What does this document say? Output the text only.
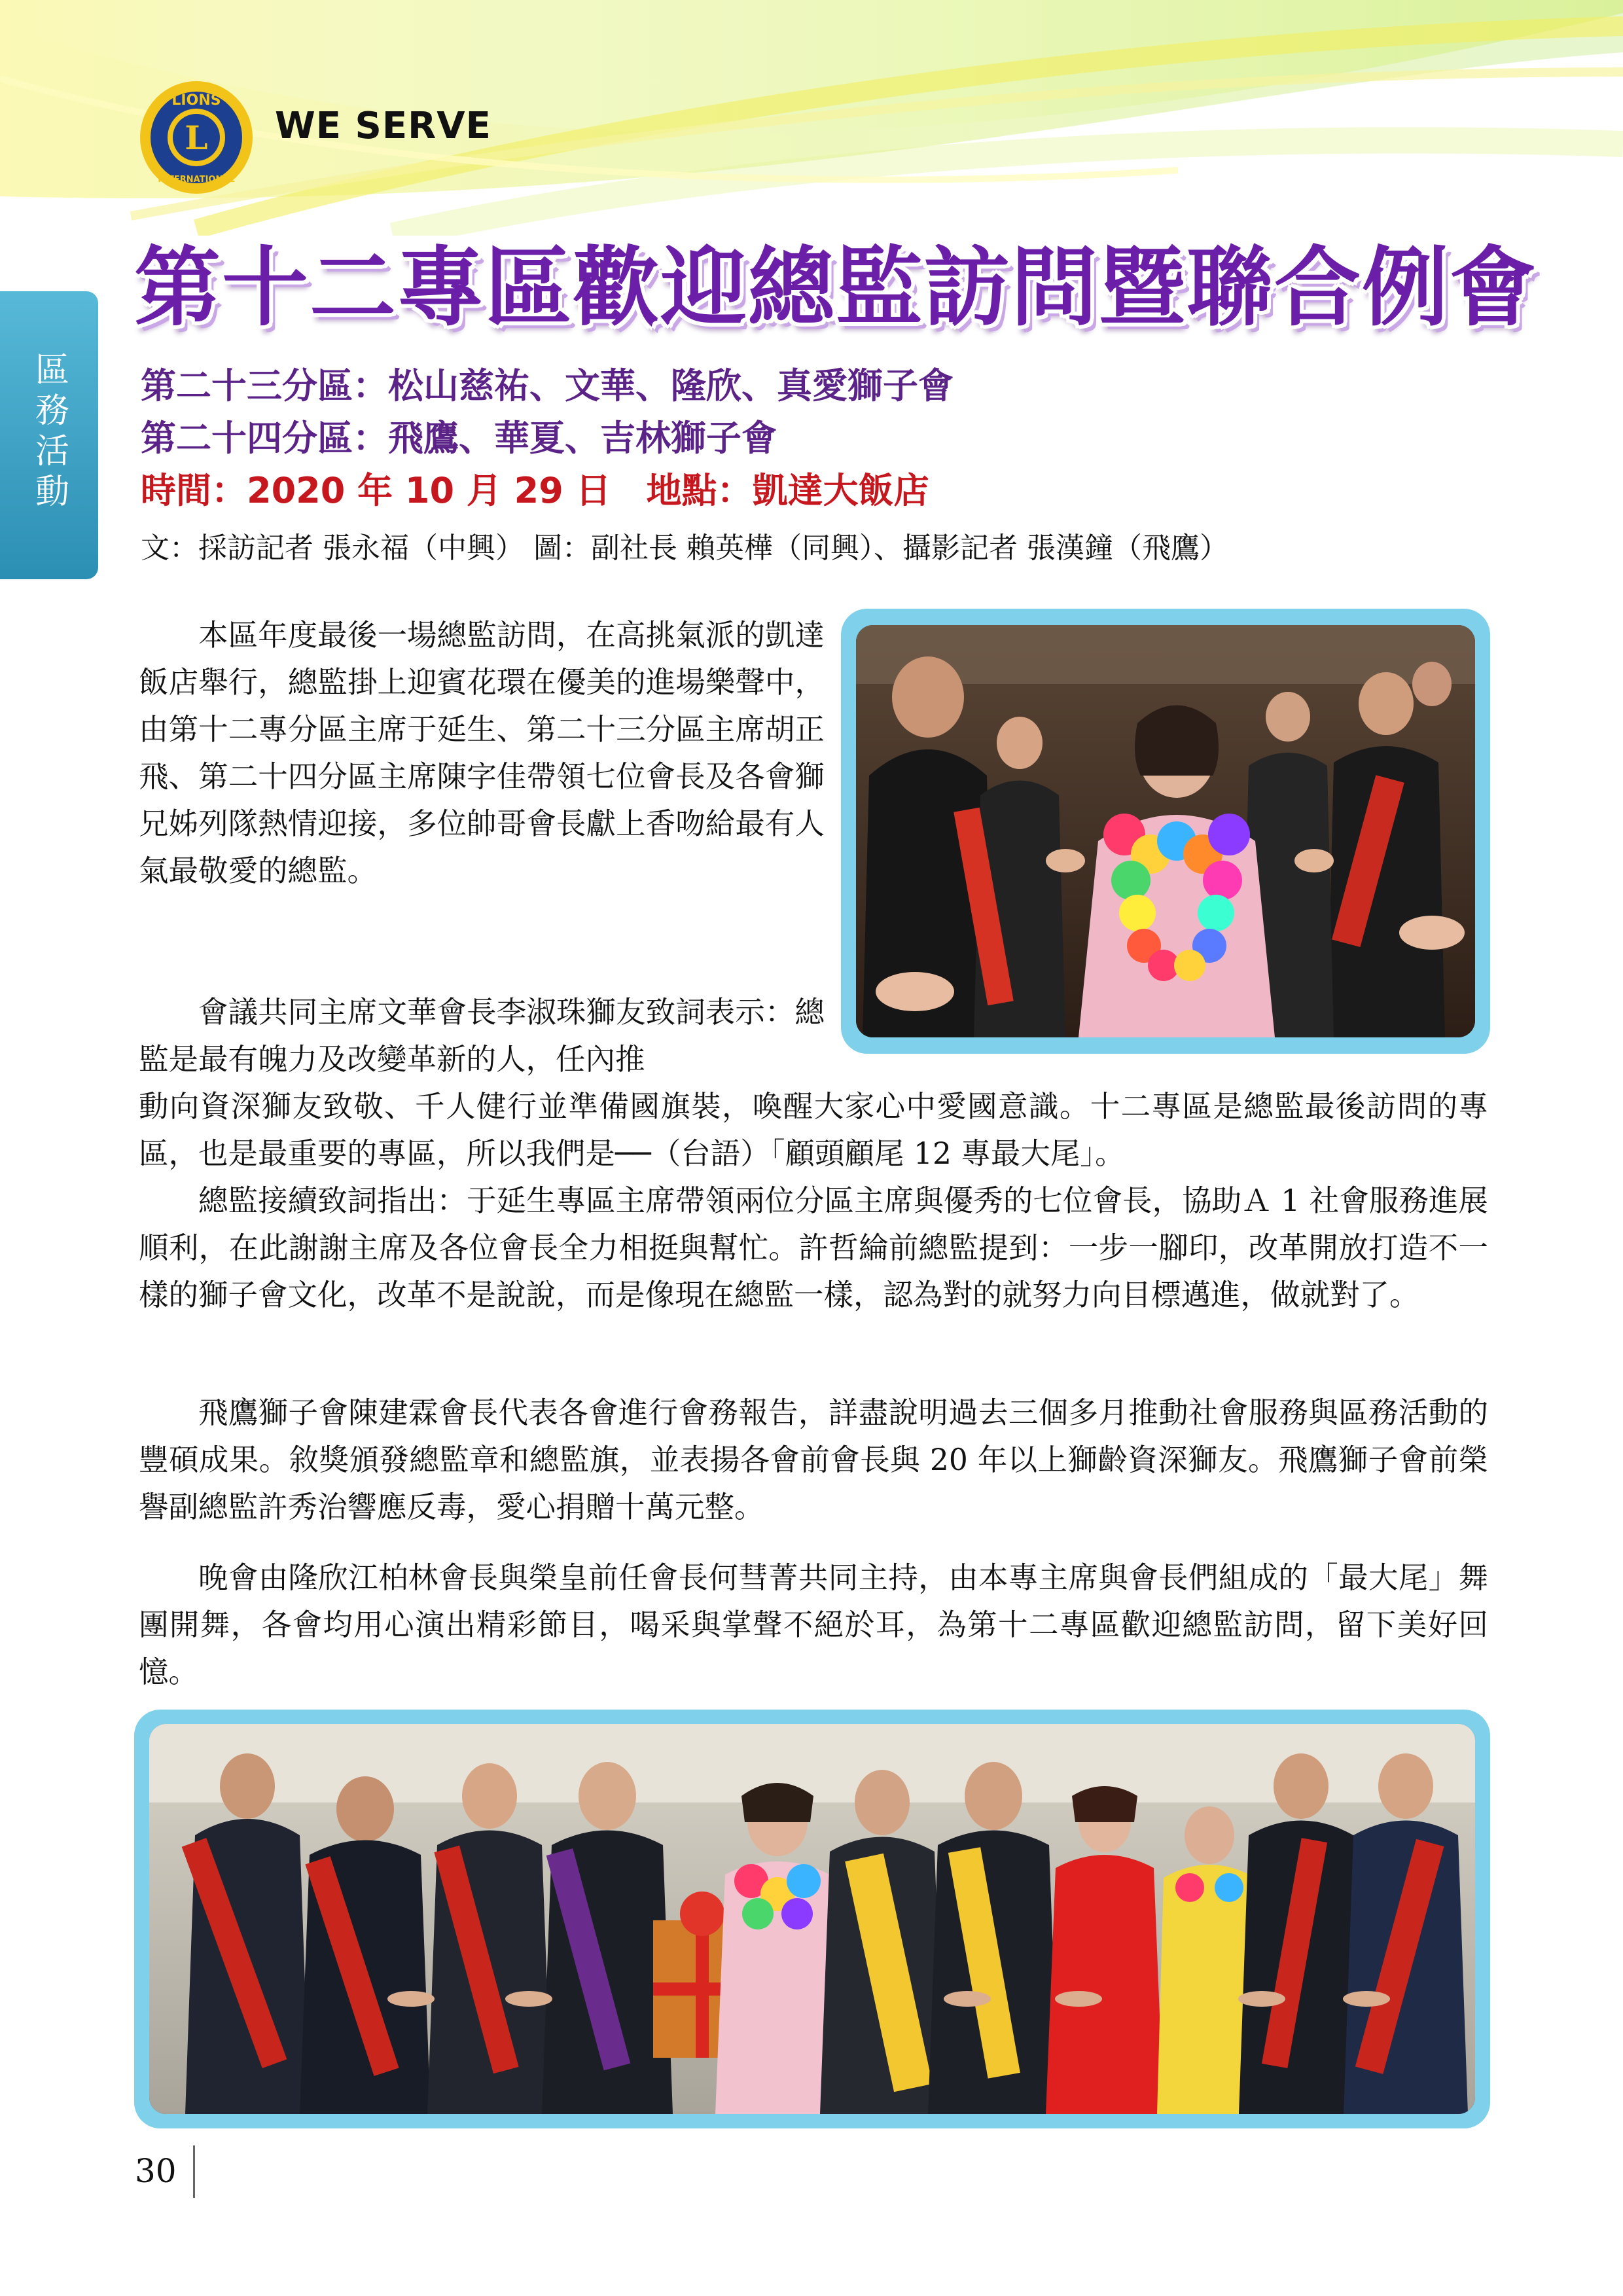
LIONS
INTERNATIONAL
L WE SERVE
區
務
活
動
第十二專區歡迎總監訪問暨聯合例會
第二十三分區：松山慈祐、文華、隆欣、真愛獅子會
第二十四分區：飛鷹、華夏、吉林獅子會
時間：2020 年 10 月 29 日　地點：凱達大飯店
文：採訪記者 張永福（中興） 圖：副社長 賴英樺（同興）、攝影記者 張漢鐘（飛鷹）

本區年度最後一場總監訪問，在高挑氣派的凱達飯店舉行，總監掛上迎賓花環在優美的進場樂聲中，由第十二專分區主席于延生、第二十三分區主席胡正飛、第二十四分區主席陳字佳帶領七位會長及各會獅兄姊列隊熱情迎接，多位帥哥會長獻上香吻給最有人氣最敬愛的總監。

會議共同主席文華會長李淑珠獅友致詞表示：總監是最有魄力及改變革新的人，任內推

動向資深獅友致敬、千人健行並準備國旗裝，喚醒大家心中愛國意識。十二專區是總監最後訪問的專區，也是最重要的專區，所以我們是──（台語）「顧頭顧尾 12 專最大尾」。

總監接續致詞指出：于延生專區主席帶領兩位分區主席與優秀的七位會長，協助Ａ 1 社會服務進展順利，在此謝謝主席及各位會長全力相挺與幫忙。許哲綸前總監提到：一步一腳印，改革開放打造不一樣的獅子會文化，改革不是說說，而是像現在總監一樣，認為對的就努力向目標邁進，做就對了。

飛鷹獅子會陳建霖會長代表各會進行會務報告，詳盡說明過去三個多月推動社會服務與區務活動的豐碩成果。敘獎頒發總監章和總監旗，並表揚各會前會長與 20 年以上獅齡資深獅友。飛鷹獅子會前榮譽副總監許秀治響應反毒，愛心捐贈十萬元整。

晚會由隆欣江柏林會長與榮皇前任會長何彗菁共同主持，由本專主席與會長們組成的「最大尾」舞團開舞，各會均用心演出精彩節目，喝采與掌聲不絕於耳，為第十二專區歡迎總監訪問，留下美好回憶。

30
